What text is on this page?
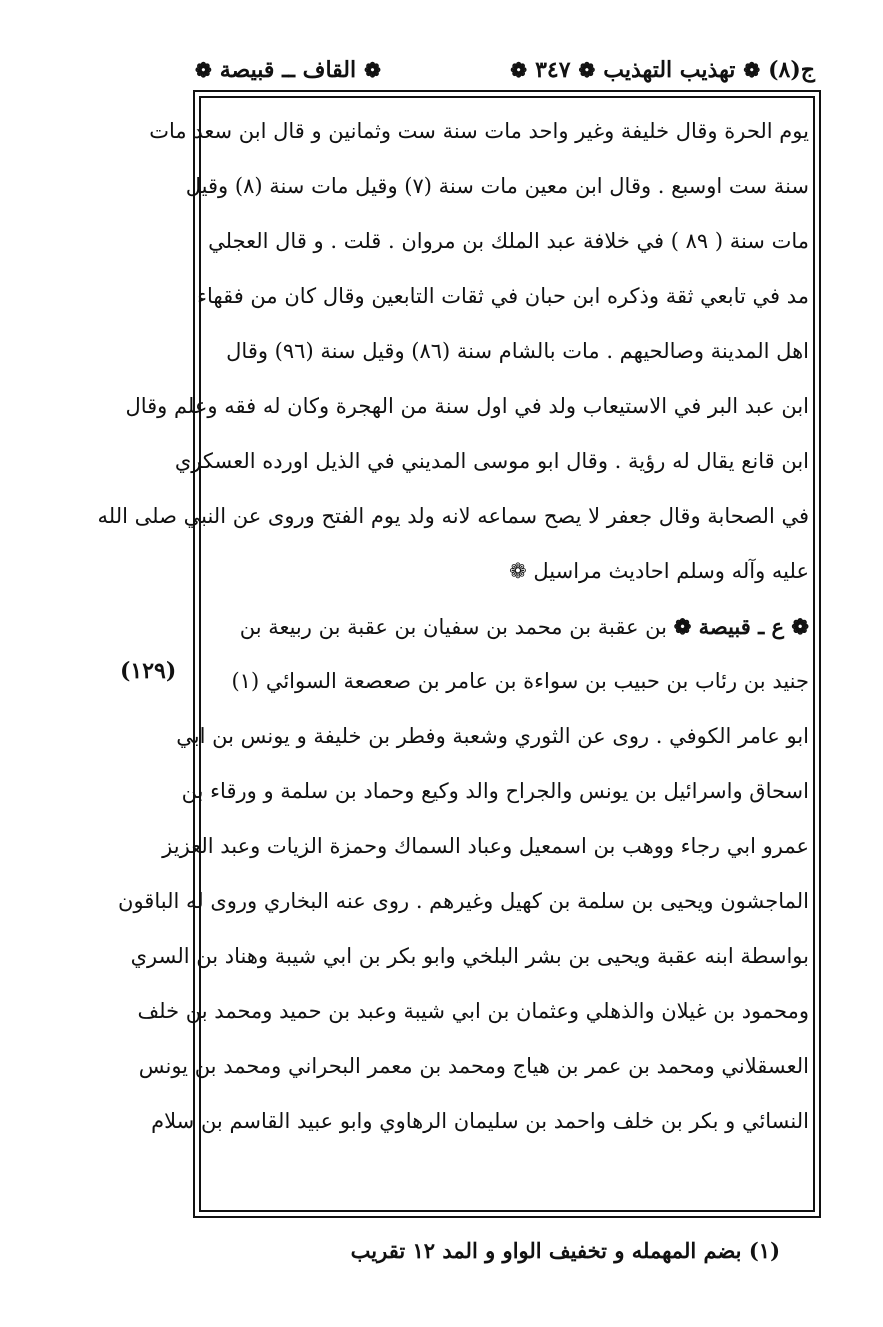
ج(٨)
❁
تهذيب التهذيب
❁
٣٤٧
❁
❁
القاف ــ قبيصة
❁
يوم الحرة وقال خليفة وغير واحد مات سنة ست وثمانين و قال ابن سعد مات
سنة ست اوسبع . وقال ابن معين مات سنة (٧) وقيل مات سنة (٨) وقيل
مات سنة ( ٨٩ ) في خلافة عبد الملك بن مروان . قلت . و قال العجلي
مد في تابعي ثقة وذكره ابن حبان في ثقات التابعين وقال كان من فقهاء
اهل المدينة وصالحيهم . مات بالشام سنة (٨٦) وقيل سنة (٩٦) وقال
ابن عبد البر في الاستيعاب ولد في اول سنة من الهجرة وكان له فقه وعلم وقال
ابن قانع يقال له رؤية . وقال ابو موسى المديني في الذيل اورده العسكري
في الصحابة وقال جعفر لا يصح سماعه لانه ولد يوم الفتح وروى عن النبي صلى الله
عليه وآله وسلم احاديث مراسيل ❁
❁ ع ـ قبيصة ❁ بن عقبة بن محمد بن سفيان بن عقبة بن ربيعة بن
جنيد بن رئاب بن حبيب بن سواءة بن عامر بن صعصعة السوائي (١)
ابو عامر الكوفي . روى عن الثوري وشعبة وفطر بن خليفة و يونس بن ابي
اسحاق واسرائيل بن يونس والجراح والد وكيع وحماد بن سلمة و ورقاء بن
عمرو ابي رجاء ووهب بن اسمعيل وعباد السماك وحمزة الزيات وعبد العزيز
الماجشون ويحيى بن سلمة بن كهيل وغيرهم . روى عنه البخاري وروى له الباقون
بواسطة ابنه عقبة ويحيى بن بشر البلخي وابو بكر بن ابي شيبة وهناد بن السري
ومحمود بن غيلان والذهلي وعثمان بن ابي شيبة وعبد بن حميد ومحمد بن خلف
العسقلاني ومحمد بن عمر بن هياج ومحمد بن معمر البحراني ومحمد بن يونس
النسائي و بكر بن خلف واحمد بن سليمان الرهاوي وابو عبيد القاسم بن سلام
(١٢٩)
(١) بضم المهمله و تخفيف الواو و المد ١٢ تقريب
